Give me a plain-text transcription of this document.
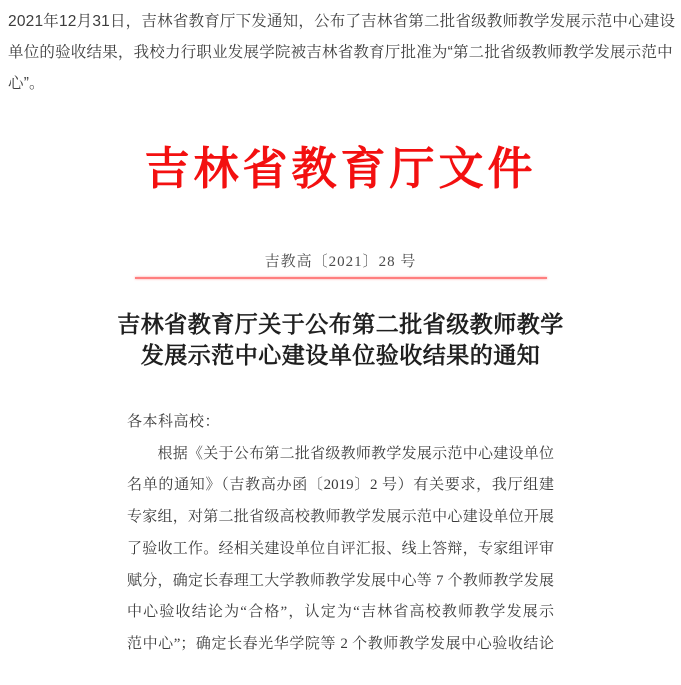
2021年12月31日，吉林省教育厅下发通知，公布了吉林省第二批省级教师教学发展示范中心建设
单位的验收结果，我校力行职业发展学院被吉林省教育厅批准为“第二批省级教师教学发展示范中
心”。
吉林省教育厅文件
吉教高〔2021〕28 号
吉林省教育厅关于公布第二批省级教师教学
发展示范中心建设单位验收结果的通知
各本科高校：
　　根据《关于公布第二批省级教师教学发展示范中心建设单位
名单的通知》（吉教高办函〔2019〕2 号）有关要求，我厅组建
专家组，对第二批省级高校教师教学发展示范中心建设单位开展
了验收工作。经相关建设单位自评汇报、线上答辩，专家组评审
赋分，确定长春理工大学教师教学发展中心等 7 个教师教学发展
中心验收结论为“合格”，认定为“吉林省高校教师教学发展示
范中心”；确定长春光华学院等 2 个教师教学发展中心验收结论
